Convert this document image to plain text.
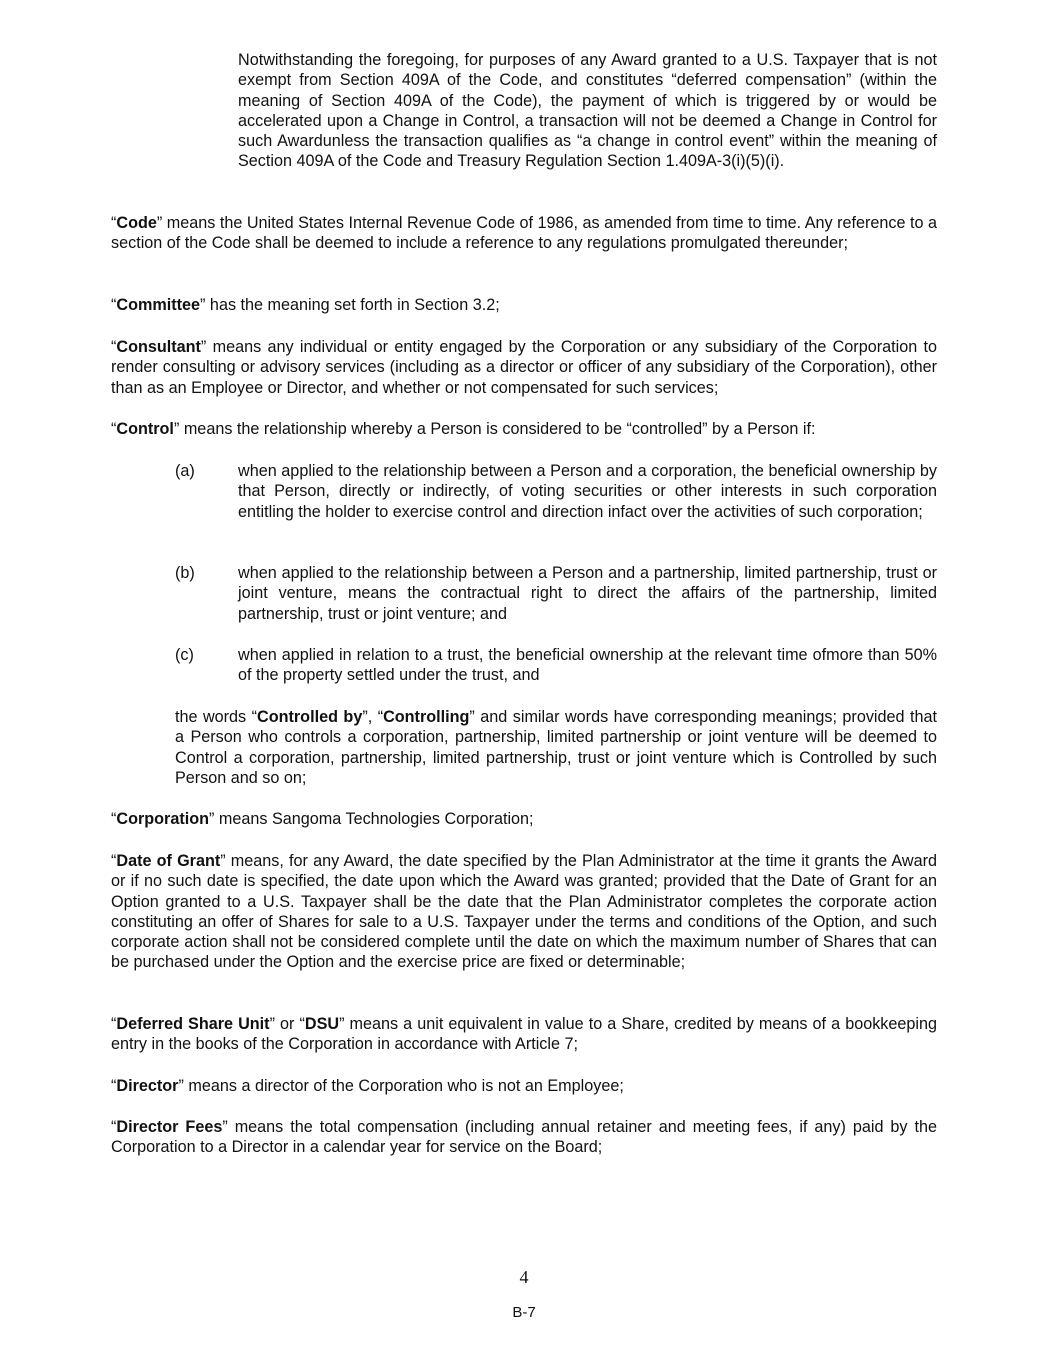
Notwithstanding the foregoing, for purposes of any Award granted to a U.S. Taxpayer that is not exempt from Section 409A of the Code, and constitutes “deferred compensation” (within the meaning of Section 409A of the Code), the payment of which is triggered by or would be accelerated upon a Change in Control, a transaction will not be deemed a Change in Control for such Awardunless the transaction qualifies as “a change in control event” within the meaning of Section 409A of the Code and Treasury Regulation Section 1.409A-3(i)(5)(i).

“Code” means the United States Internal Revenue Code of 1986, as amended from time to time. Any reference to a section of the Code shall be deemed to include a reference to any regulations promulgated thereunder;

“Committee” has the meaning set forth in Section 3.2;

“Consultant” means any individual or entity engaged by the Corporation or any subsidiary of the Corporation to render consulting or advisory services (including as a director or officer of any subsidiary of the Corporation), other than as an Employee or Director, and whether or not compensated for such services;

“Control” means the relationship whereby a Person is considered to be “controlled” by a Person if:

(a)	when applied to the relationship between a Person and a corporation, the beneficial ownership by that Person, directly or indirectly, of voting securities or other interests in such corporation entitling the holder to exercise control and direction infact over the activities of such corporation;

(b)	when applied to the relationship between a Person and a partnership, limited partnership, trust or joint venture, means the contractual right to direct the affairs of the partnership, limited partnership, trust or joint venture; and

(c)	when applied in relation to a trust, the beneficial ownership at the relevant time ofmore than 50% of the property settled under the trust, and

the words “Controlled by”, “Controlling” and similar words have corresponding meanings; provided that a Person who controls a corporation, partnership, limited partnership or joint venture will be deemed to Control a corporation, partnership, limited partnership, trust or joint venture which is Controlled by such Person and so on;

“Corporation” means Sangoma Technologies Corporation;

“Date of Grant” means, for any Award, the date specified by the Plan Administrator at the time it grants the Award or if no such date is specified, the date upon which the Award was granted; provided that the Date of Grant for an Option granted to a U.S. Taxpayer shall be the date that the Plan Administrator completes the corporate action constituting an offer of Shares for sale to a U.S. Taxpayer under the terms and conditions of the Option, and such corporate action shall not be considered complete until the date on which the maximum number of Shares that can be purchased under the Option and the exercise price are fixed or determinable;

“Deferred Share Unit” or “DSU” means a unit equivalent in value to a Share, credited by means of a bookkeeping entry in the books of the Corporation in accordance with Article 7;

“Director” means a director of the Corporation who is not an Employee;

“Director Fees” means the total compensation (including annual retainer and meeting fees, if any) paid by the Corporation to a Director in a calendar year for service on the Board;

4
B-7
